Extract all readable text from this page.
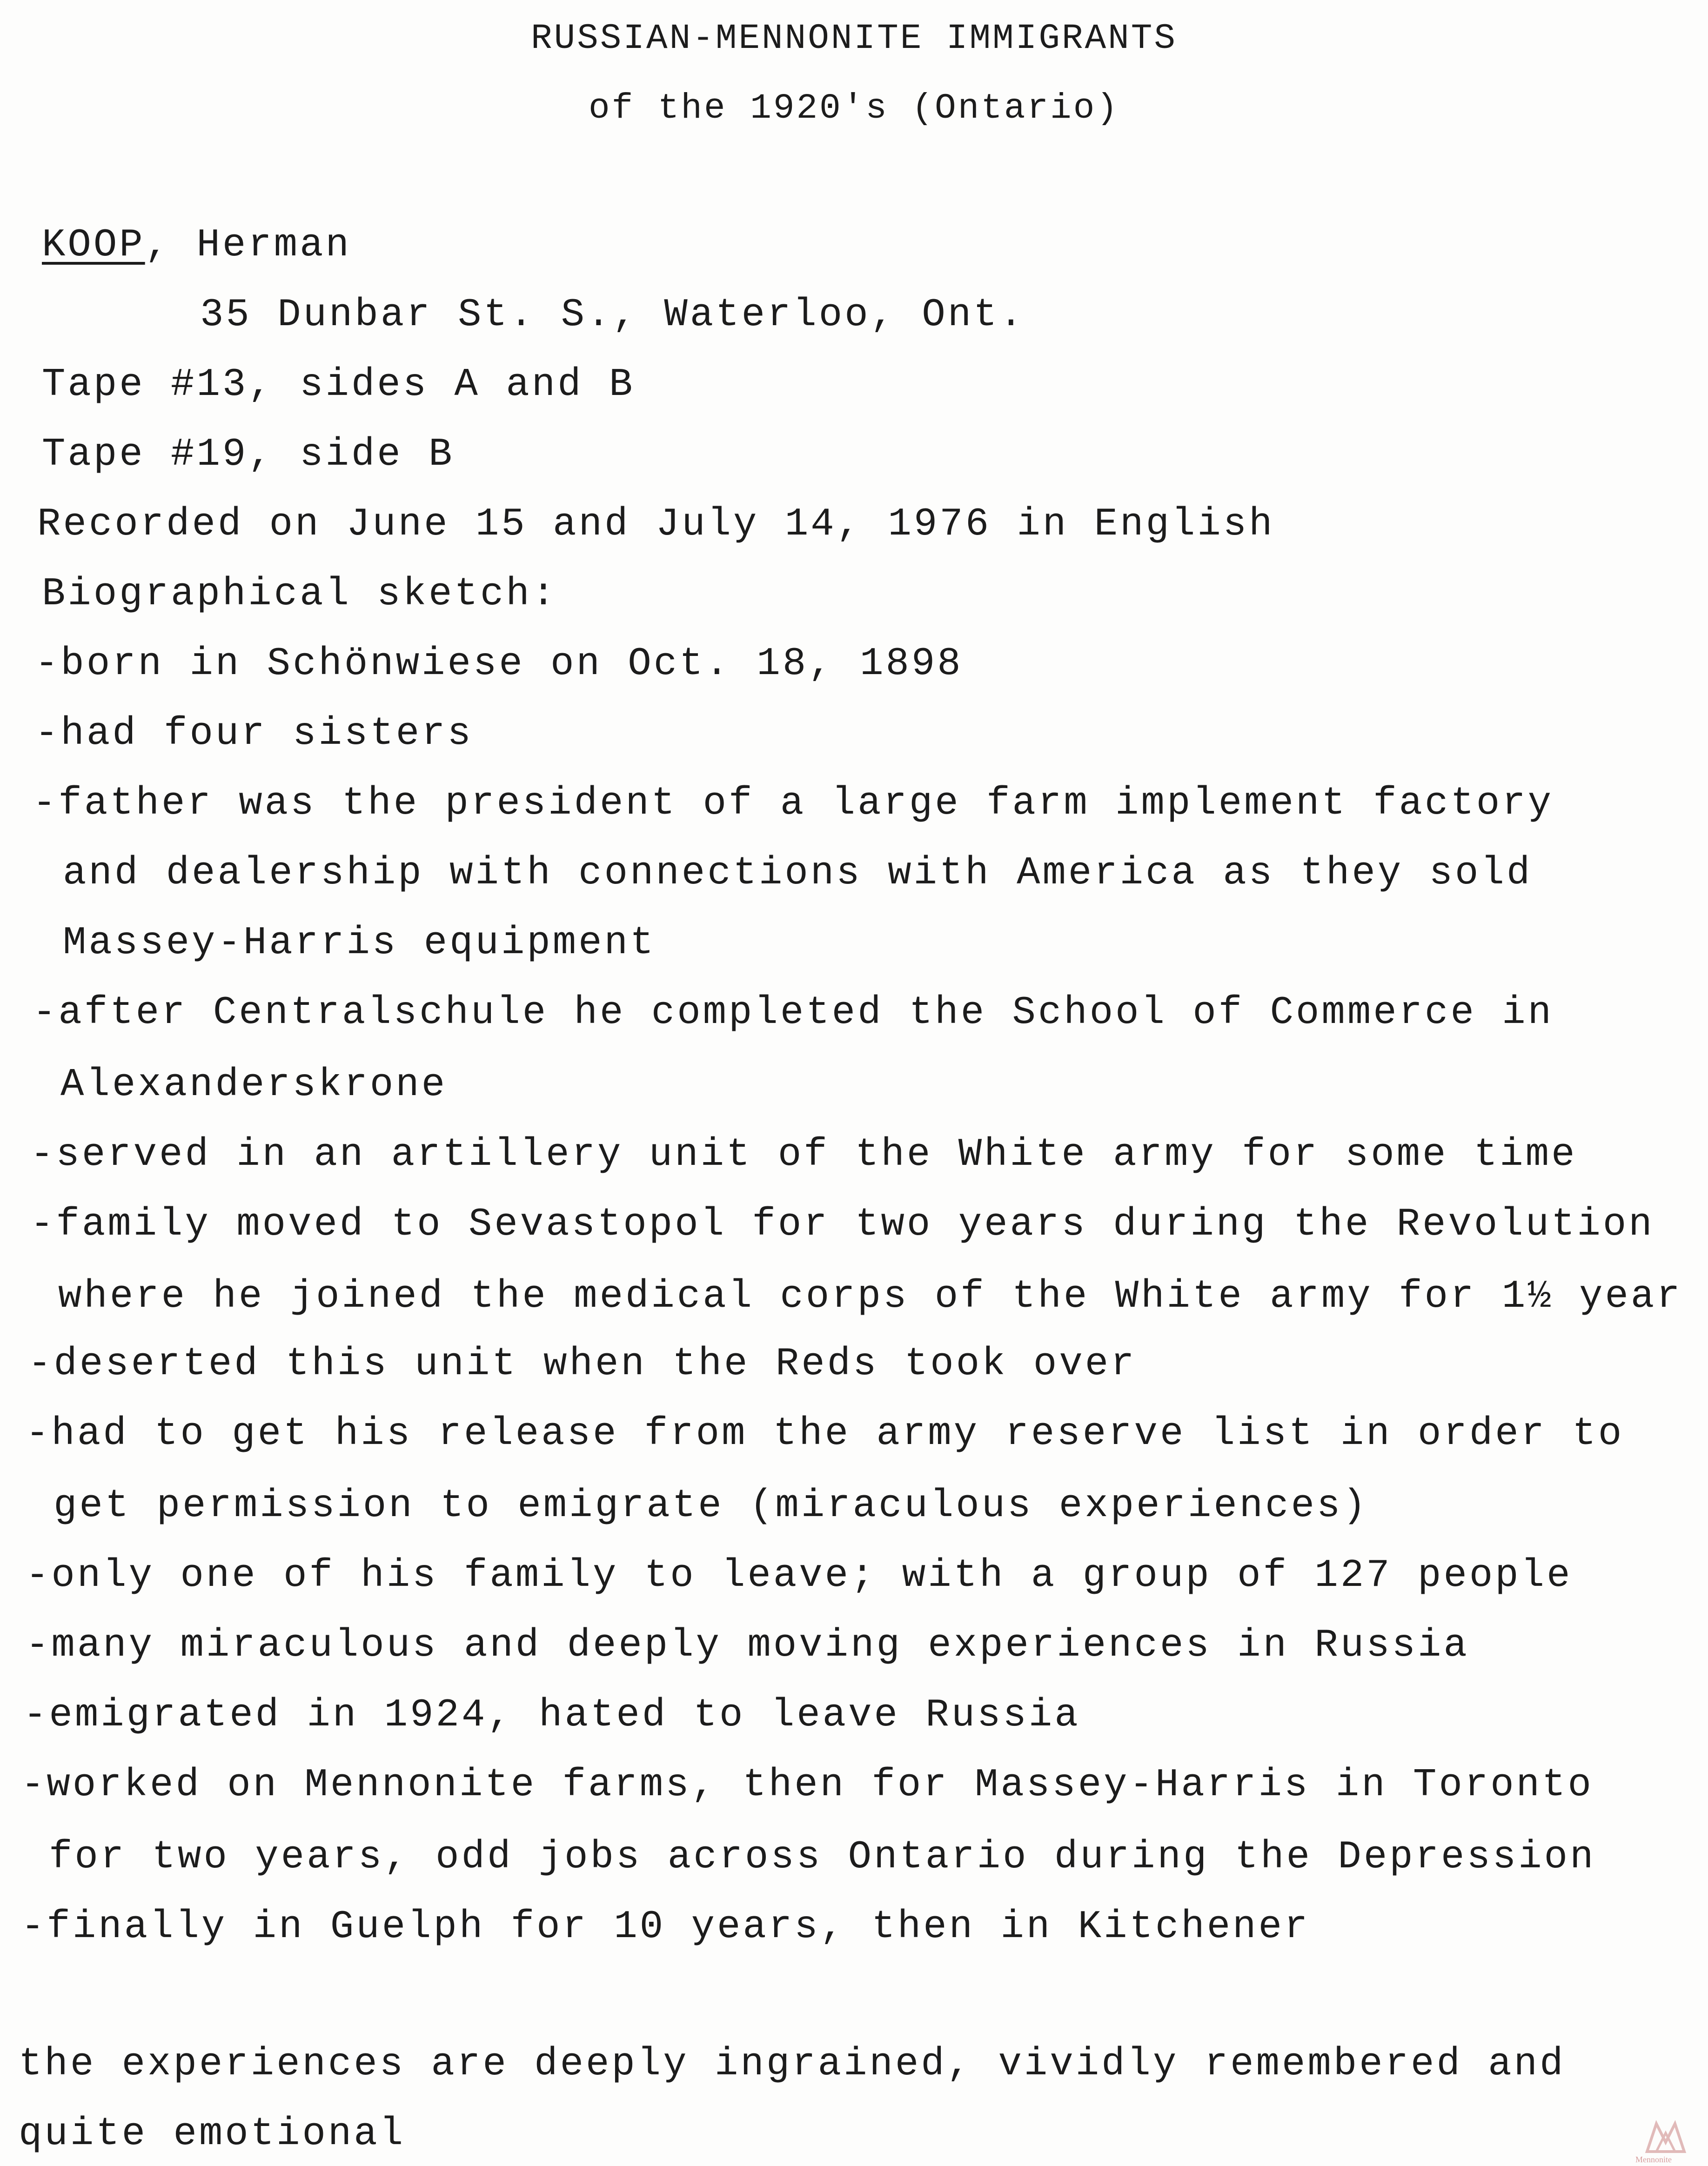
RUSSIAN-MENNONITE IMMIGRANTS
of the 1920's (Ontario)
KOOP, Herman
35 Dunbar St. S., Waterloo, Ont.
Tape #13, sides A and B
Tape #19, side B
Recorded on June 15 and July 14, 1976 in English
Biographical sketch:
-born in Schönwiese on Oct. 18, 1898
-had four sisters
-father was the president of a large farm implement factory
and dealership with connections with America as they sold
Massey-Harris equipment
-after Centralschule he completed the School of Commerce in
Alexanderskrone
-served in an artillery unit of the White army for some time
-family moved to Sevastopol for two years during the Revolution
where he joined the medical corps of the White army for 1½ year
-deserted this unit when the Reds took over
-had to get his release from the army reserve list in order to
get permission to emigrate (miraculous experiences)
-only one of his family to leave; with a group of 127 people
-many miraculous and deeply moving experiences in Russia
-emigrated in 1924, hated to leave Russia
-worked on Mennonite farms, then for Massey-Harris in Toronto
for two years, odd jobs across Ontario during the Depression
-finally in Guelph for 10 years, then in Kitchener
the experiences are deeply ingrained, vividly remembered and
quite emotional
Mennonite
